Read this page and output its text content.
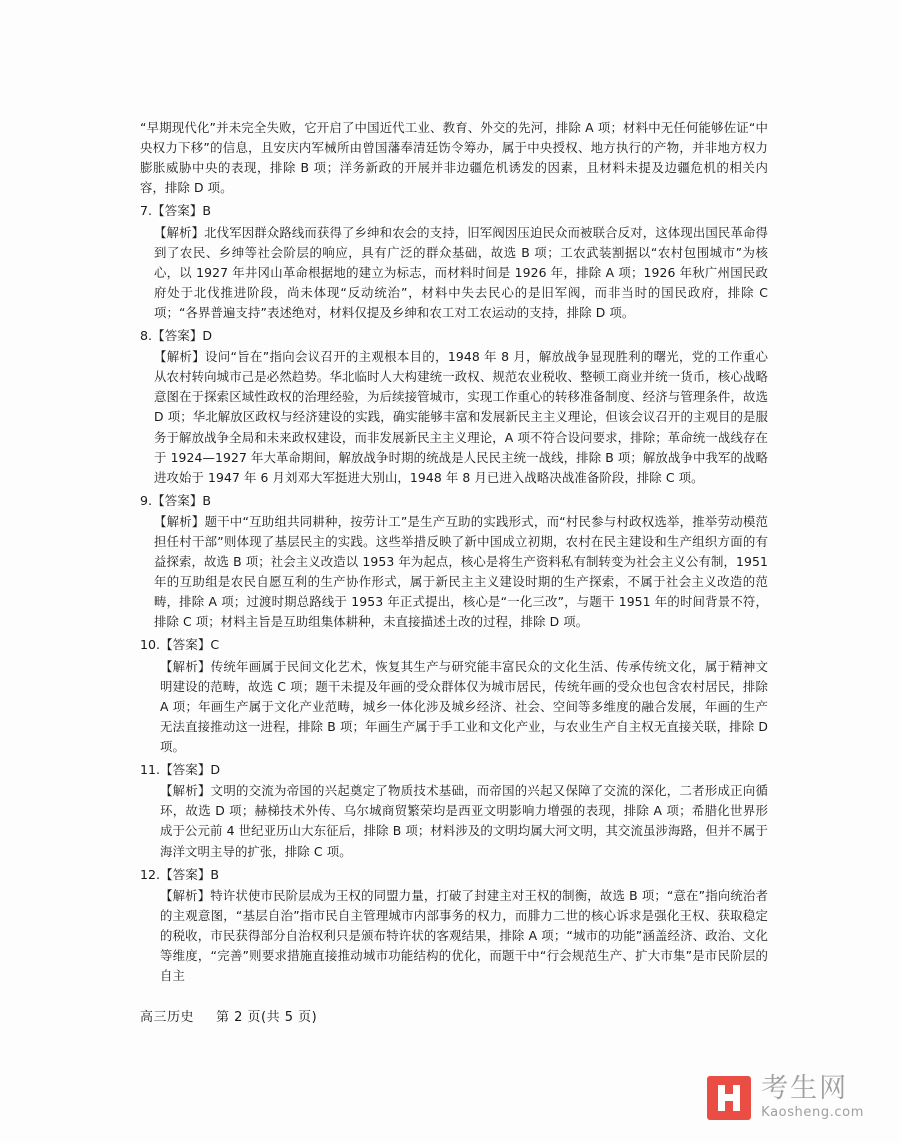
“早期现代化”并未完全失败，它开启了中国近代工业、教育、外交的先河，排除 A 项；材料中无任何能够佐证“中央权力下移”的信息，且安庆内军械所由曾国藩奉清廷饬令筹办，属于中央授权、地方执行的产物，并非地方权力膨胀威胁中央的表现，排除 B 项；洋务新政的开展并非边疆危机诱发的因素，且材料未提及边疆危机的相关内容，排除 D 项。

7. 【答案】 B

【解析】北伐军因群众路线而获得了乡绅和农会的支持，旧军阀因压迫民众而被联合反对，这体现出国民革命得到了农民、乡绅等社会阶层的响应，具有广泛的群众基础，故选 B 项；工农武装割据以“农村包围城市”为核心，以 1927 年井冈山革命根据地的建立为标志，而材料时间是 1926 年，排除 A 项；1926 年秋广州国民政府处于北伐推进阶段，尚未体现“反动统治”，材料中失去民心的是旧军阀，而非当时的国民政府，排除 C 项；“各界普遍支持”表述绝对，材料仅提及乡绅和农工对工农运动的支持，排除 D 项。

8. 【答案】 D

【解析】设问“旨在”指向会议召开的主观根本目的，1948 年 8 月，解放战争显现胜利的曙光，党的工作重心从农村转向城市己是必然趋势。华北临时人大构建统一政权、规范农业税收、整顿工商业并统一货币，核心战略意图在于探索区域性政权的治理经验，为后续接管城市，实现工作重心的转移准备制度、经济与管理条件，故选 D 项；华北解放区政权与经济建设的实践，确实能够丰富和发展新民主主义理论，但该会议召开的主观目的是服务于解放战争全局和未来政权建设，而非发展新民主主义理论，A 项不符合设问要求，排除；革命统一战线存在于 1924—1927 年大革命期间，解放战争时期的统战是人民民主统一战线，排除 B 项；解放战争中我军的战略进攻始于 1947 年 6 月刘邓大军挺进大别山，1948 年 8 月已进入战略决战准备阶段，排除 C 项。

9. 【答案】 B

【解析】题干中“互助组共同耕种，按劳计工”是生产互助的实践形式，而“村民参与村政权选举，推举劳动模范担任村干部”则体现了基层民主的实践。这些举措反映了新中国成立初期，农村在民主建设和生产组织方面的有益探索，故选 B 项；社会主义改造以 1953 年为起点，核心是将生产资料私有制转变为社会主义公有制，1951 年的互助组是农民自愿互利的生产协作形式，属于新民主主义建设时期的生产探索，不属于社会主义改造的范畴，排除 A 项；过渡时期总路线于 1953 年正式提出，核心是“一化三改”，与题干 1951 年的时间背景不符，排除 C 项；材料主旨是互助组集体耕种，未直接描述土改的过程，排除 D 项。

10. 【答案】 C

【解析】传统年画属于民间文化艺术，恢复其生产与研究能丰富民众的文化生活、传承传统文化，属于精神文明建设的范畴，故选 C 项；题干未提及年画的受众群体仅为城市居民，传统年画的受众也包含农村居民，排除 A 项；年画生产属于文化产业范畴，城乡一体化涉及城乡经济、社会、空间等多维度的融合发展，年画的生产无法直接推动这一进程，排除 B 项；年画生产属于手工业和文化产业，与农业生产自主权无直接关联，排除 D 项。

11. 【答案】 D

【解析】文明的交流为帝国的兴起奠定了物质技术基础，而帝国的兴起又保障了交流的深化，二者形成正向循环，故选 D 项；赫梯技术外传、乌尔城商贸繁荣均是西亚文明影响力增强的表现，排除 A 项；希腊化世界形成于公元前 4 世纪亚历山大东征后，排除 B 项；材料涉及的文明均属大河文明，其交流虽涉海路，但并不属于海洋文明主导的扩张，排除 C 项。

12. 【答案】 B

【解析】特许状使市民阶层成为王权的同盟力量，打破了封建主对王权的制衡，故选 B 项；“意在”指向统治者的主观意图，“基层自治”指市民自主管理城市内部事务的权力，而腓力二世的核心诉求是强化王权、获取稳定的税收，市民获得部分自治权利只是颁布特许状的客观结果，排除 A 项；“城市的功能”涵盖经济、政治、文化等维度，“完善”则要求措施直接推动城市功能结构的优化，而题干中“行会规范生产、扩大市集”是市民阶层的自主

高三历史 第 2 页(共 5 页)
考生网
Kaosheng.com
